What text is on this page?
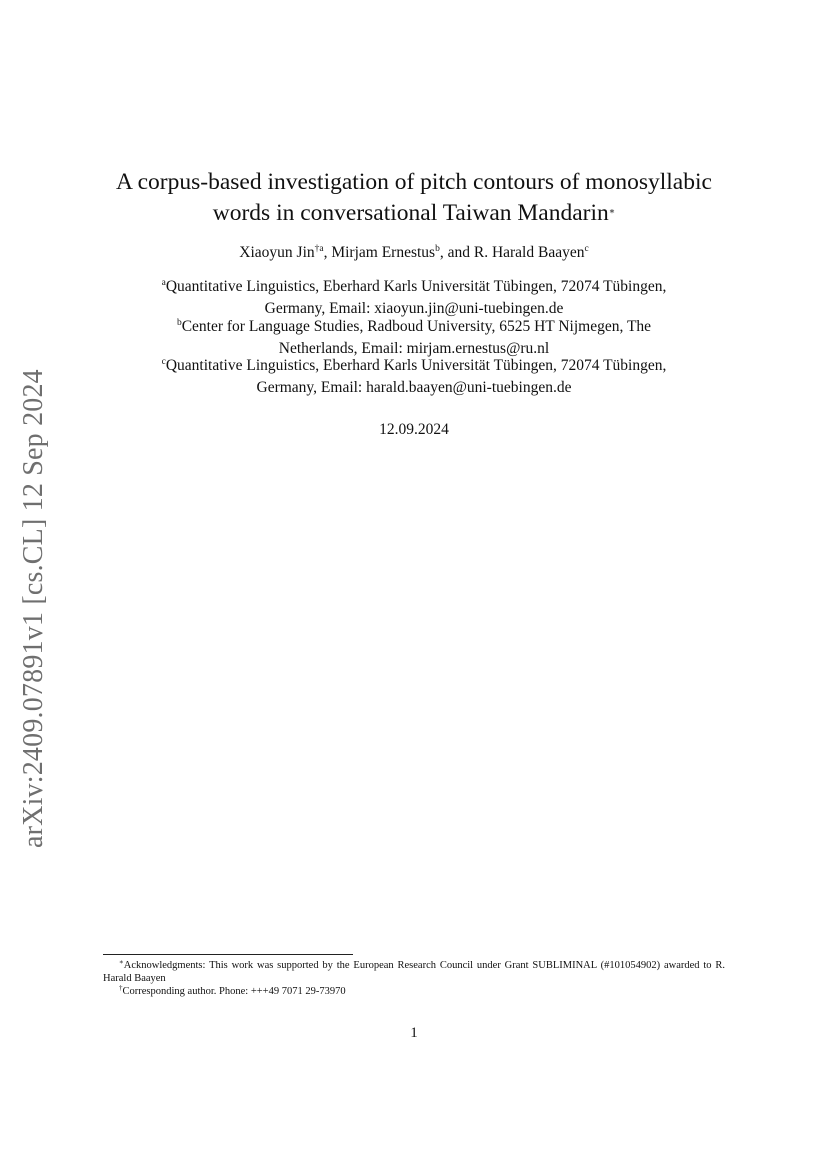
arXiv:2409.07891v1 [cs.CL] 12 Sep 2024
A corpus-based investigation of pitch contours of monosyllabic
words in conversational Taiwan Mandarin∗
Xiaoyun Jin$^{\dagger a}$, Mirjam Ernestus$^b$, and R. Harald Baayen$^c$
$^a$Quantitative Linguistics, Eberhard Karls Universität Tübingen, 72074 Tübingen,
Germany, Email: xiaoyun.jin@uni-tuebingen.de
$^b$Center for Language Studies, Radboud University, 6525 HT Nijmegen, The
Netherlands, Email: mirjam.ernestus@ru.nl
$^c$Quantitative Linguistics, Eberhard Karls Universität Tübingen, 72074 Tübingen,
Germany, Email: harald.baayen@uni-tuebingen.de
12.09.2024

∗Acknowledgments: This work was supported by the European Research Council under Grant SUBLIMINAL (#101054902) awarded to R. Harald Baayen

†Corresponding author. Phone: +++49 7071 29-73970

1
